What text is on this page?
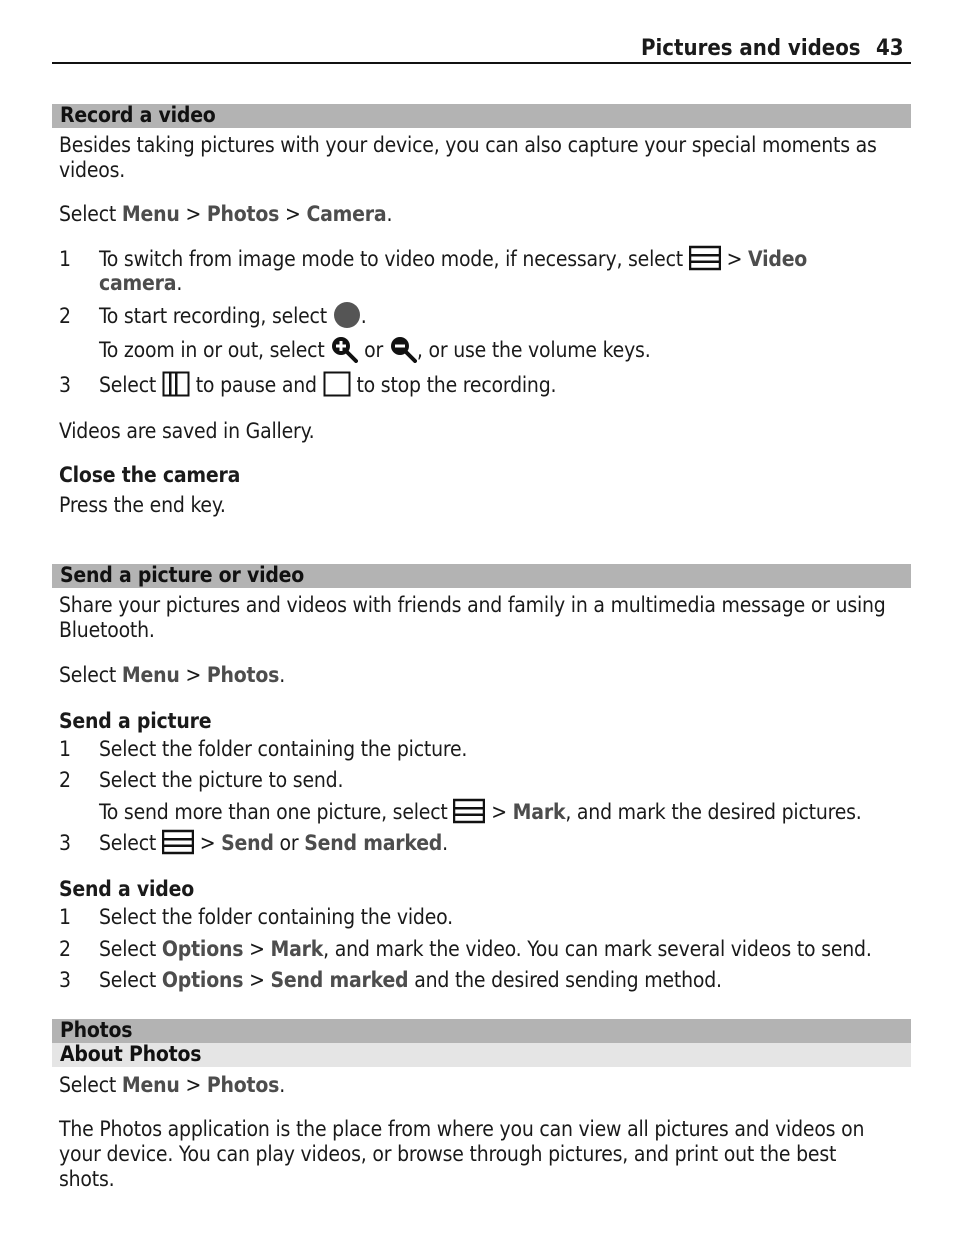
Pictures and videos 43
Record a video
Besides taking pictures with your device, you can also capture your special moments as
videos.
Select Menu > Photos > Camera.
1 To switch from image mode to video mode, if necessary, select  > Video
camera.
2 To start recording, select .
To zoom in or out, select  or , or use the volume keys.
3 Select  to pause and  to stop the recording.
Videos are saved in Gallery.
Close the camera
Press the end key.
Send a picture or video
Share your pictures and videos with friends and family in a multimedia message or using
Bluetooth.
Select Menu > Photos.
Send a picture
1 Select the folder containing the picture.
2 Select the picture to send.
To send more than one picture, select  > Mark, and mark the desired pictures.
3 Select  > Send or Send marked.
Send a video
1 Select the folder containing the video.
2 Select Options > Mark, and mark the video. You can mark several videos to send.
3 Select Options > Send marked and the desired sending method.
Photos
About Photos
Select Menu > Photos.
The Photos application is the place from where you can view all pictures and videos on
your device. You can play videos, or browse through pictures, and print out the best
shots.
